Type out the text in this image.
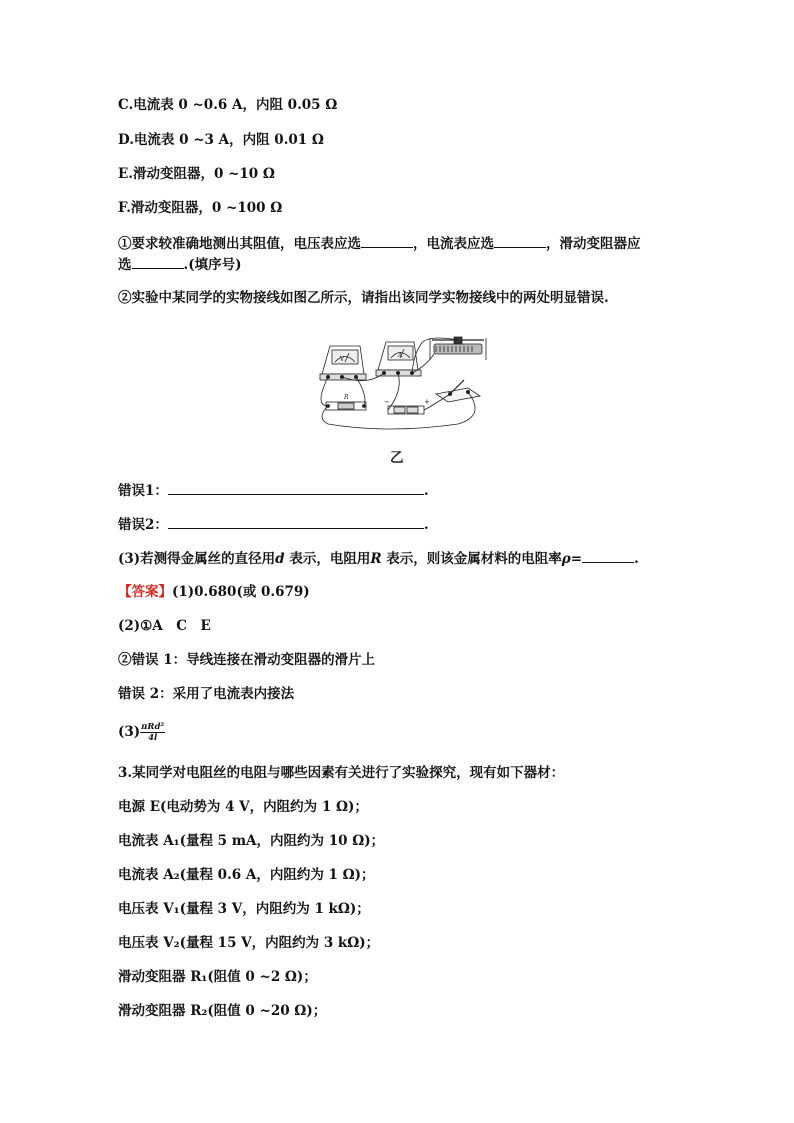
C.电流表 0 ~0.6 A，内阻 0.05 Ω
D.电流表 0 ~3 A，内阻 0.01 Ω
E.滑动变阻器，0 ~10 Ω
F.滑动变阻器，0 ~100 Ω
①要求较准确地测出其阻值，电压表应选	，电流表应选	，滑动变阻器应
选	.(填序号)
②实验中某同学的实物接线如图乙所示，请指出该同学实物接线中的两处明显错误.
V
A
R
−	+
乙
错误1：	.
错误2：	.
(3)若测得金属丝的直径用d 表示，电阻用R 表示，则该金属材料的电阻率ρ=	.
【答案】(1)0.680(或 0.679)
(2)①A　C　E
②错误 1：导线连接在滑动变阻器的滑片上
错误 2：采用了电流表内接法
$(3) \frac{\text{πRd²}}{4l}$
3.某同学对电阻丝的电阻与哪些因素有关进行了实验探究，现有如下器材：
电源 E(电动势为 4 V，内阻约为 1 Ω)；
电流表 A₁(量程 5 mA，内阻约为 10 Ω)；
电流表 A₂(量程 0.6 A，内阻约为 1 Ω)；
电压表 V₁(量程 3 V，内阻约为 1 kΩ)；
电压表 V₂(量程 15 V，内阻约为 3 kΩ)；
滑动变阻器 R₁(阻值 0 ~2 Ω)；
滑动变阻器 R₂(阻值 0 ~20 Ω)；
